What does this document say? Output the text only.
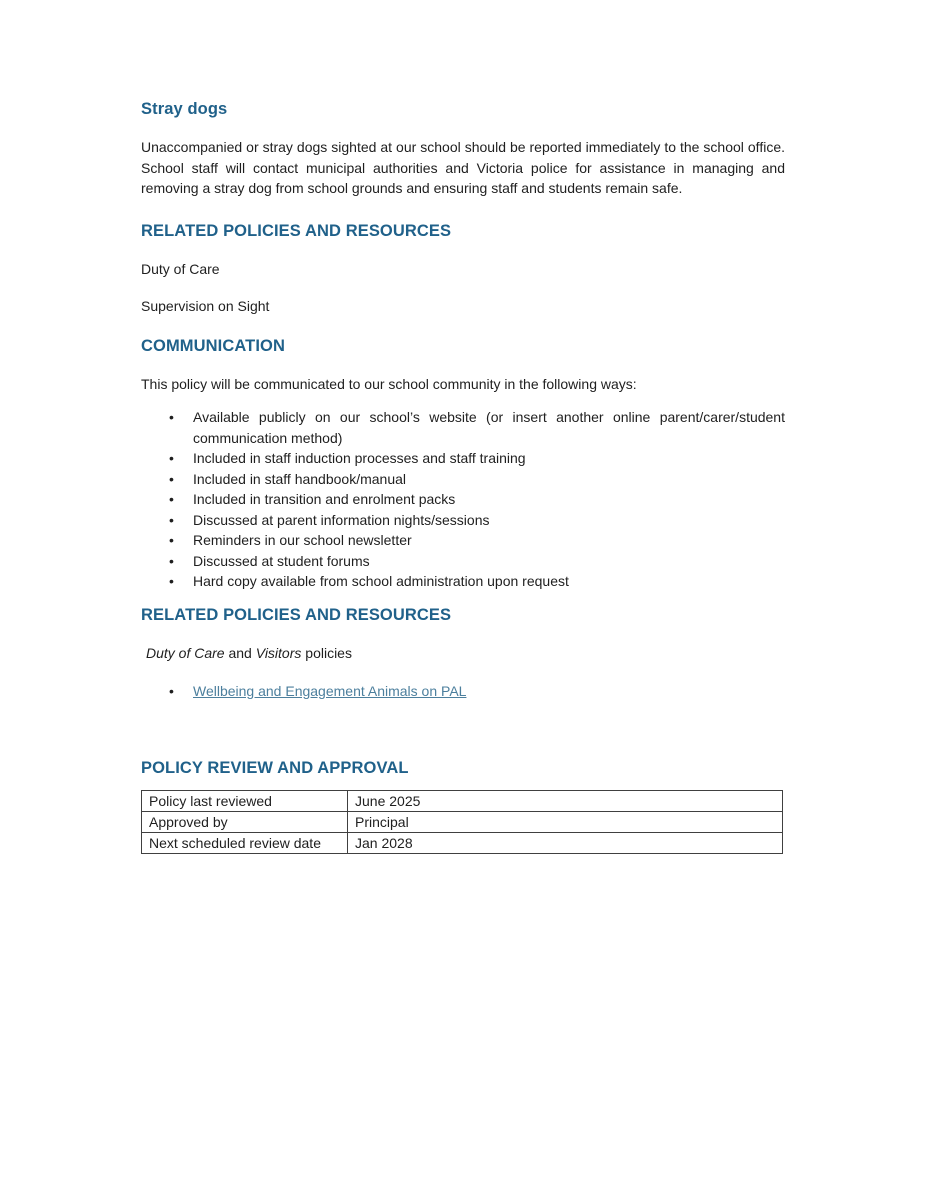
Stray dogs

Unaccompanied or stray dogs sighted at our school should be reported immediately to the school office. School staff will contact municipal authorities and Victoria police for assistance in managing and removing a stray dog from school grounds and ensuring staff and students remain safe.

RELATED POLICIES AND RESOURCES

Duty of Care

Supervision on Sight

COMMUNICATION

This policy will be communicated to our school community in the following ways:

• Available publicly on our school’s website (or insert another online parent/carer/student communication method)
• Included in staff induction processes and staff training
• Included in staff handbook/manual
• Included in transition and enrolment packs
• Discussed at parent information nights/sessions
• Reminders in our school newsletter
• Discussed at student forums
• Hard copy available from school administration upon request
RELATED POLICIES AND RESOURCES

Duty of Care and Visitors policies

• Wellbeing and Engagement Animals on PAL
POLICY REVIEW AND APPROVAL
Policy last reviewed	June 2025
Approved by	Principal
Next scheduled review date	Jan 2028
